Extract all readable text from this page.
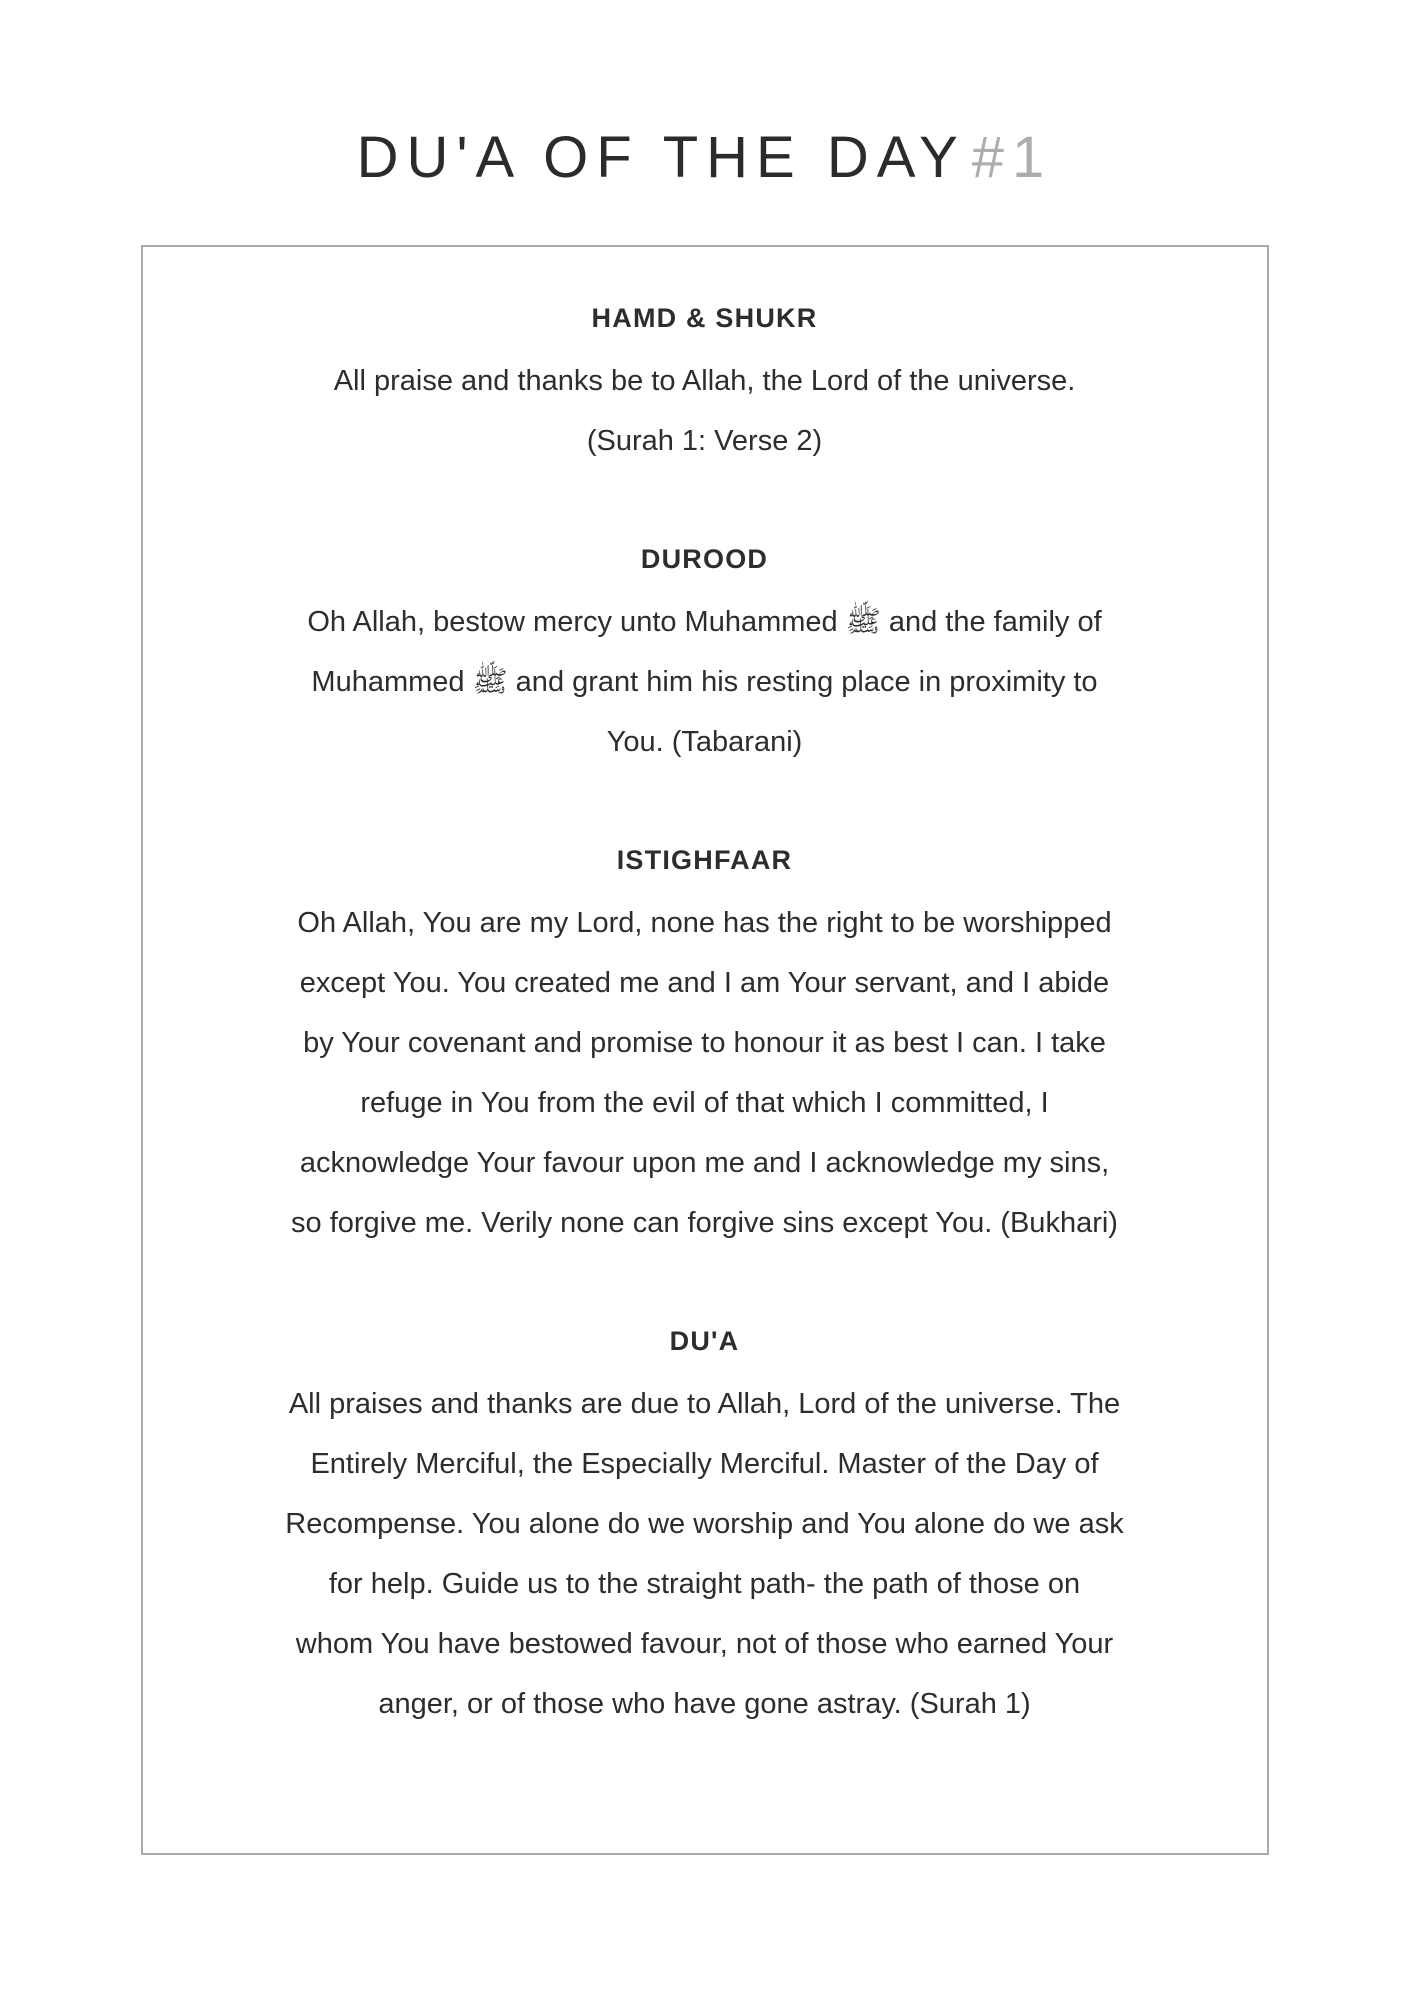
DU'A OF THE DAY #1
HAMD & SHUKR
All praise and thanks be to Allah, the Lord of the universe.
(Surah 1: Verse 2)
DUROOD
Oh Allah, bestow mercy unto Muhammed ﷺ and the family of
Muhammed ﷺ and grant him his resting place in proximity to
You. (Tabarani)
ISTIGHFAAR
Oh Allah, You are my Lord, none has the right to be worshipped
except You. You created me and I am Your servant, and I abide
by Your covenant and promise to honour it as best I can. I take
refuge in You from the evil of that which I committed, I
acknowledge Your favour upon me and I acknowledge my sins,
so forgive me. Verily none can forgive sins except You. (Bukhari)
DU'A
All praises and thanks are due to Allah, Lord of the universe. The
Entirely Merciful, the Especially Merciful. Master of the Day of
Recompense. You alone do we worship and You alone do we ask
for help. Guide us to the straight path- the path of those on
whom You have bestowed favour, not of those who earned Your
anger, or of those who have gone astray. (Surah 1)
